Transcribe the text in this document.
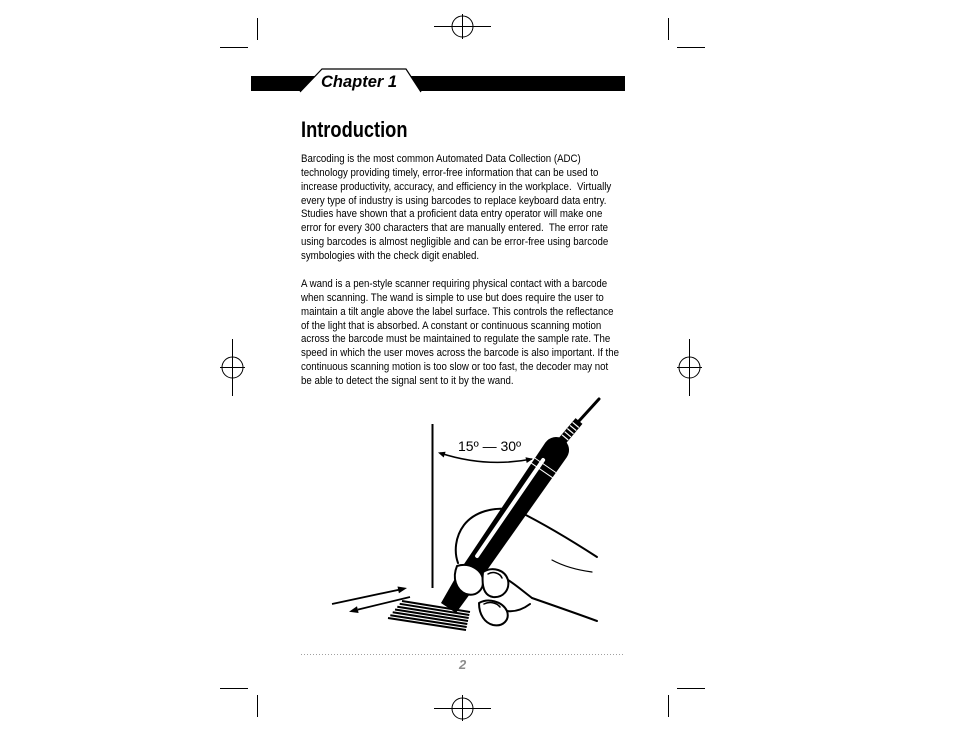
15º — 30º
Chapter 1
Introduction
Barcoding is the most common Automated Data Collection (ADC)
technology providing timely, error-free information that can be used to
increase productivity, accuracy, and efficiency in the workplace.  Virtually
every type of industry is using barcodes to replace keyboard data entry.
Studies have shown that a proficient data entry operator will make one
error for every 300 characters that are manually entered.  The error rate
using barcodes is almost negligible and can be error-free using barcode
symbologies with the check digit enabled.
A wand is a pen-style scanner requiring physical contact with a barcode
when scanning. The wand is simple to use but does require the user to
maintain a tilt angle above the label surface. This controls the reflectance
of the light that is absorbed. A constant or continuous scanning motion
across the barcode must be maintained to regulate the sample rate. The
speed in which the user moves across the barcode is also important. If the
continuous scanning motion is too slow or too fast, the decoder may not
be able to detect the signal sent to it by the wand.
2
